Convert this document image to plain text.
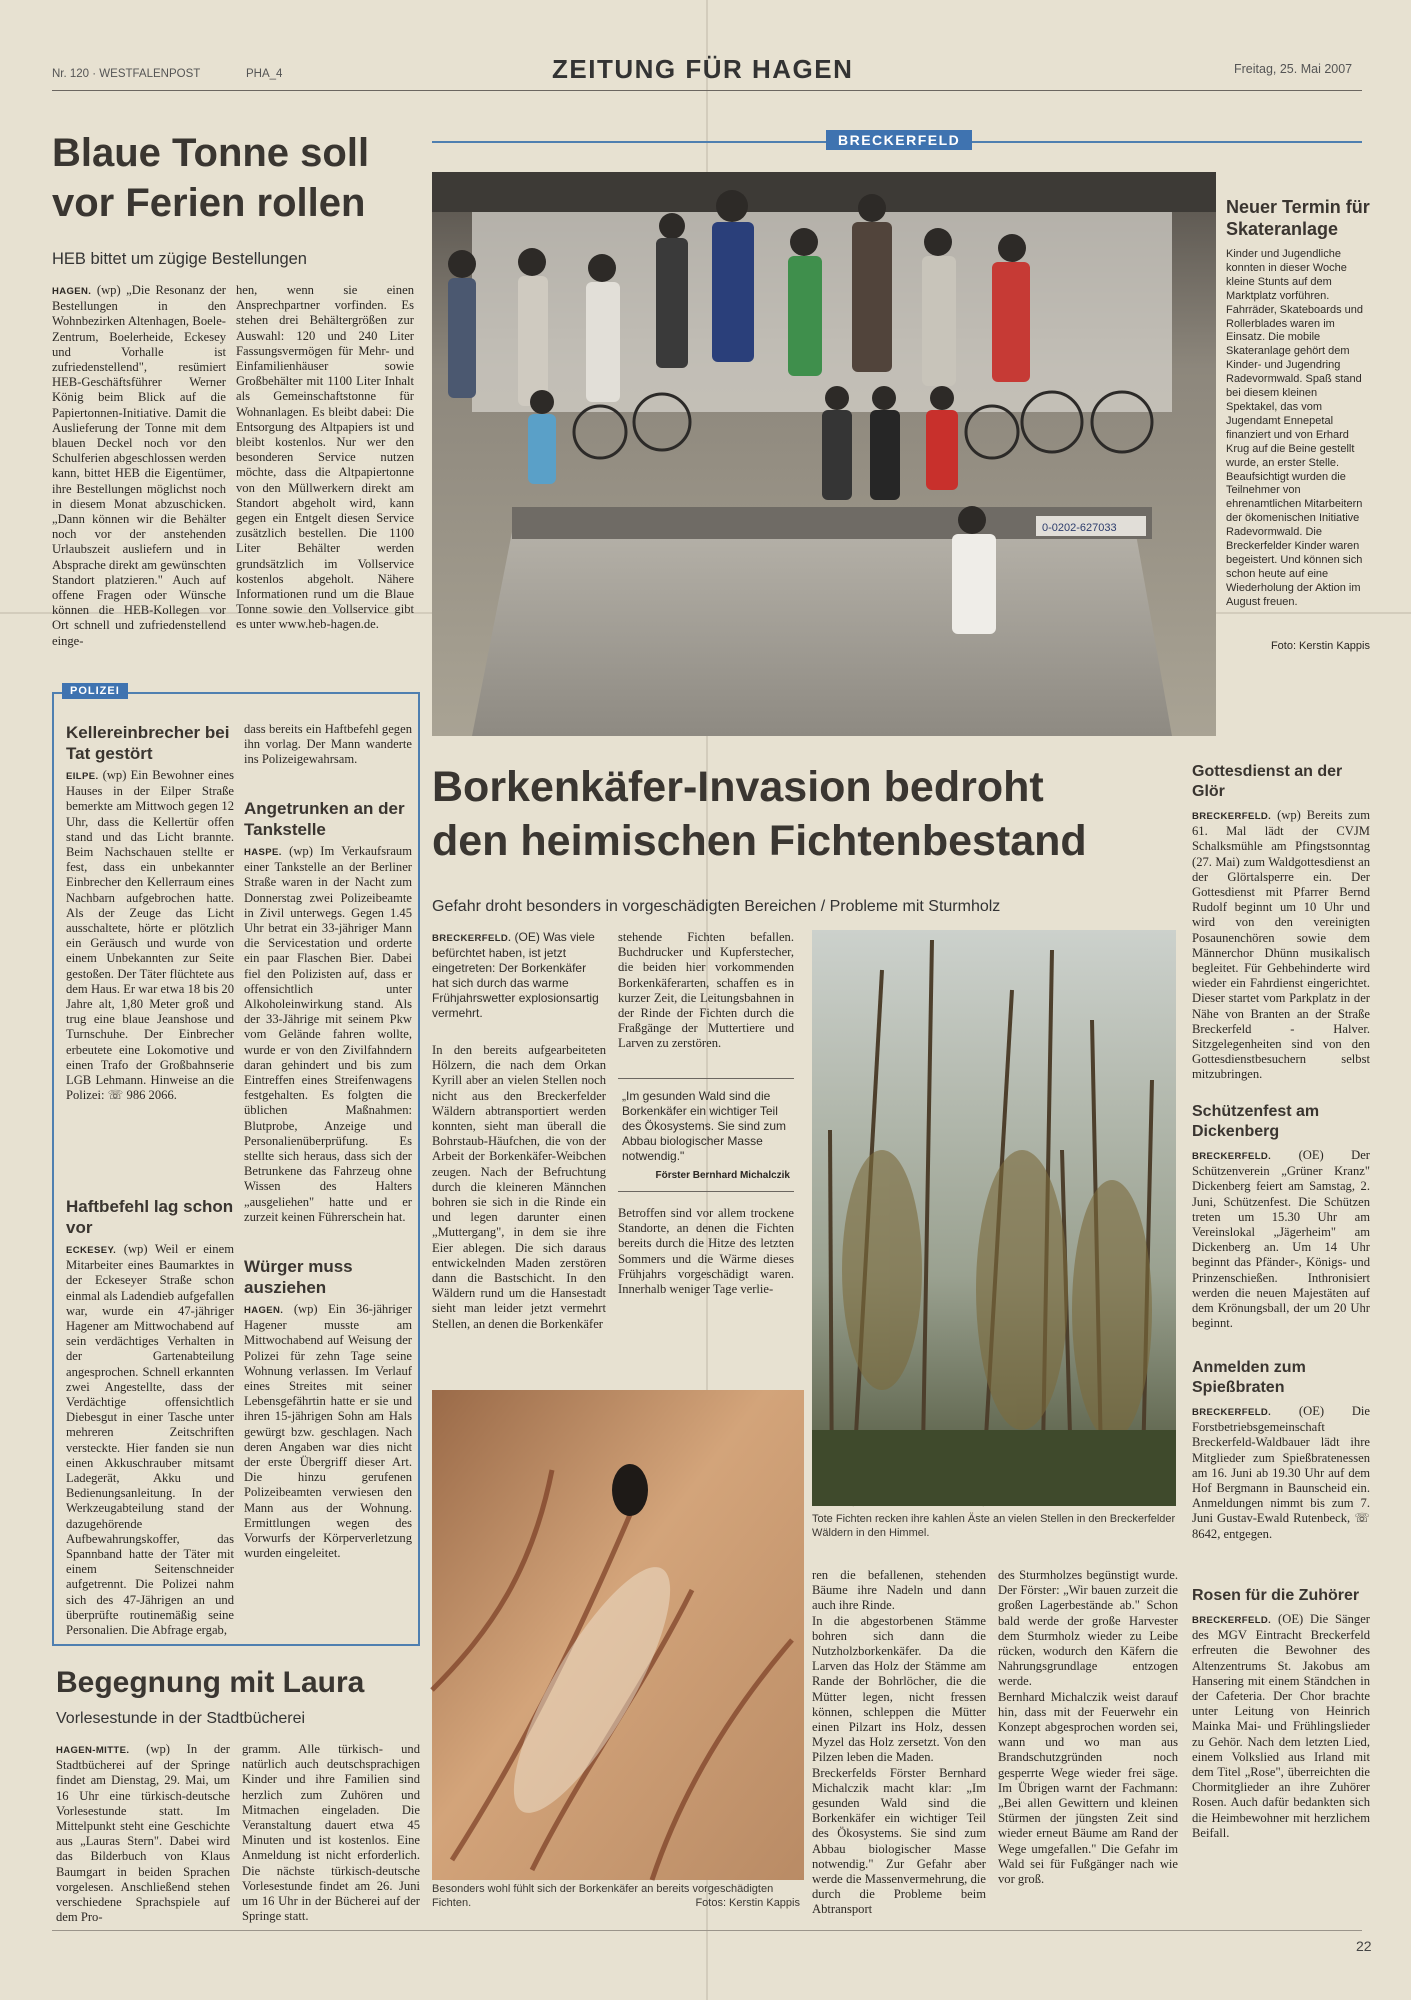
Nr. 120 · WESTFALENPOST	PHA_4	ZEITUNG FÜR HAGEN	Freitag, 25. Mai 2007
Blaue Tonne soll
vor Ferien rollen
HEB bittet um zügige Bestellungen

HAGEN. (wp) „Die Resonanz der Bestellungen in den Wohnbezirken Altenhagen, Boele-Zentrum, Boelerheide, Eckesey und Vorhalle ist zufriedenstellend", resümiert HEB-Geschäftsführer Werner König beim Blick auf die Papiertonnen-Initiative. Damit die Auslieferung der Tonne mit dem blauen Deckel noch vor den Schulferien abgeschlossen werden kann, bittet HEB die Eigentümer, ihre Bestellungen möglichst noch in diesem Monat abzuschicken. „Dann können wir die Behälter noch vor der anstehenden Urlaubszeit ausliefern und in Absprache direkt am gewünschten Standort platzieren." Auch auf offene Fragen oder Wünsche können die HEB-Kollegen vor Ort schnell und zufriedenstellend einge-

hen, wenn sie einen Ansprechpartner vorfinden. Es stehen drei Behältergrößen zur Auswahl: 120 und 240 Liter Fassungsvermögen für Mehr- und Einfamilienhäuser sowie Großbehälter mit 1100 Liter Inhalt als Gemeinschaftstonne für Wohnanlagen. Es bleibt dabei: Die Entsorgung des Altpapiers ist und bleibt kostenlos. Nur wer den besonderen Service nutzen möchte, dass die Altpapiertonne von den Müllwerkern direkt am Standort abgeholt wird, kann gegen ein Entgelt diesen Service zusätzlich bestellen. Die 1100 Liter Behälter werden grundsätzlich im Vollservice kostenlos abgeholt. Nähere Informationen rund um die Blaue Tonne sowie den Vollservice gibt es unter www.heb-hagen.de.

POLIZEI
Kellereinbrecher bei Tat gestört

EILPE. (wp) Ein Bewohner eines Hauses in der Eilper Straße bemerkte am Mittwoch gegen 12 Uhr, dass die Kellertür offen stand und das Licht brannte. Beim Nachschauen stellte er fest, dass ein unbekannter Einbrecher den Kellerraum eines Nachbarn aufgebrochen hatte. Als der Zeuge das Licht ausschaltete, hörte er plötzlich ein Geräusch und wurde von einem Unbekannten zur Seite gestoßen. Der Täter flüchtete aus dem Haus. Er war etwa 18 bis 20 Jahre alt, 1,80 Meter groß und trug eine blaue Jeanshose und Turnschuhe. Der Einbrecher erbeutete eine Lokomotive und einen Trafo der Großbahnserie LGB Lehmann. Hinweise an die Polizei: ☏ 986 2066.

Haftbefehl lag schon vor

ECKESEY. (wp) Weil er einem Mitarbeiter eines Baumarktes in der Eckeseyer Straße schon einmal als Ladendieb aufgefallen war, wurde ein 47-jähriger Hagener am Mittwochabend auf sein verdächtiges Verhalten in der Gartenabteilung angesprochen. Schnell erkannten zwei Angestellte, dass der Verdächtige offensichtlich Diebesgut in einer Tasche unter mehreren Zeitschriften versteckte. Hier fanden sie nun einen Akkuschrauber mitsamt Ladegerät, Akku und Bedienungsanleitung. In der Werkzeugabteilung stand der dazugehörende Aufbewahrungskoffer, das Spannband hatte der Täter mit einem Seitenschneider aufgetrennt. Die Polizei nahm sich des 47-Jährigen an und überprüfte routinemäßig seine Personalien. Die Abfrage ergab,

dass bereits ein Haftbefehl gegen ihn vorlag. Der Mann wanderte ins Polizeigewahrsam.

Angetrunken an der Tankstelle

HASPE. (wp) Im Verkaufsraum einer Tankstelle an der Berliner Straße waren in der Nacht zum Donnerstag zwei Polizeibeamte in Zivil unterwegs. Gegen 1.45 Uhr betrat ein 33-jähriger Mann die Servicestation und orderte ein paar Flaschen Bier. Dabei fiel den Polizisten auf, dass er offensichtlich unter Alkoholeinwirkung stand. Als der 33-Jährige mit seinem Pkw vom Gelände fahren wollte, wurde er von den Zivilfahndern daran gehindert und bis zum Eintreffen eines Streifenwagens festgehalten. Es folgten die üblichen Maßnahmen: Blutprobe, Anzeige und Personalienüberprüfung. Es stellte sich heraus, dass sich der Betrunkene das Fahrzeug ohne Wissen des Halters „ausgeliehen" hatte und er zurzeit keinen Führerschein hat.

Würger muss ausziehen

HAGEN. (wp) Ein 36-jähriger Hagener musste am Mittwochabend auf Weisung der Polizei für zehn Tage seine Wohnung verlassen. Im Verlauf eines Streites mit seiner Lebensgefährtin hatte er sie und ihren 15-jährigen Sohn am Hals gewürgt bzw. geschlagen. Nach deren Angaben war dies nicht der erste Übergriff dieser Art. Die hinzu gerufenen Polizeibeamten verwiesen den Mann aus der Wohnung. Ermittlungen wegen des Vorwurfs der Körperverletzung wurden eingeleitet.

Begegnung mit Laura
Vorlesestunde in der Stadtbücherei

HAGEN-MITTE. (wp) In der Stadtbücherei auf der Springe findet am Dienstag, 29. Mai, um 16 Uhr eine türkisch-deutsche Vorlesestunde statt. Im Mittelpunkt steht eine Geschichte aus „Lauras Stern". Dabei wird das Bilderbuch von Klaus Baumgart in beiden Sprachen vorgelesen. Anschließend stehen verschiedene Sprachspiele auf dem Pro-

gramm. Alle türkisch- und natürlich auch deutschsprachigen Kinder und ihre Familien sind herzlich zum Zuhören und Mitmachen eingeladen. Die Veranstaltung dauert etwa 45 Minuten und ist kostenlos. Eine Anmeldung ist nicht erforderlich. Die nächste türkisch-deutsche Vorlesestunde findet am 26. Juni um 16 Uhr in der Bücherei auf der Springe statt.

BRECKERFELD
0-0202-627033
Neuer Termin für Skateranlage

Kinder und Jugendliche konnten in dieser Woche kleine Stunts auf dem Marktplatz vorführen. Fahrräder, Skateboards und Rollerblades waren im Einsatz. Die mobile Skateranlage gehört dem Kinder- und Jugendring Radevormwald. Spaß stand bei diesem kleinen Spektakel, das vom Jugendamt Ennepetal finanziert und von Erhard Krug auf die Beine gestellt wurde, an erster Stelle. Beaufsichtigt wurden die Teilnehmer von ehrenamtlichen Mitarbeitern der ökomenischen Initiative Radevormwald. Die Breckerfelder Kinder waren begeistert. Und können sich schon heute auf eine Wiederholung der Aktion im August freuen.

Foto: Kerstin Kappis
Borkenkäfer-Invasion bedroht
den heimischen Fichtenbestand
Gefahr droht besonders in vorgeschädigten Bereichen / Probleme mit Sturmholz

BRECKERFELD. (OE) Was viele befürchtet haben, ist jetzt eingetreten: Der Borkenkäfer hat sich durch das warme Frühjahrswetter explosionsartig vermehrt.

In den bereits aufgearbeiteten Hölzern, die nach dem Orkan Kyrill aber an vielen Stellen noch nicht aus den Breckerfelder Wäldern abtransportiert werden konnten, sieht man überall die Bohrstaub-Häufchen, die von der Arbeit der Borkenkäfer-Weibchen zeugen. Nach der Befruchtung durch die kleineren Männchen bohren sie sich in die Rinde ein und legen darunter einen „Muttergang", in dem sie ihre Eier ablegen. Die sich daraus entwickelnden Maden zerstören dann die Bastschicht. In den Wäldern rund um die Hansestadt sieht man leider jetzt vermehrt Stellen, an denen die Borkenkäfer

stehende Fichten befallen. Buchdrucker und Kupferstecher, die beiden hier vorkommenden Borkenkäferarten, schaffen es in kurzer Zeit, die Leitungsbahnen in der Rinde der Fichten durch die Fraßgänge der Muttertiere und Larven zu zerstören.

„Im gesunden Wald sind die Borkenkäfer ein wichtiger Teil des Ökosystems. Sie sind zum Abbau biologischer Masse notwendig."

Förster Bernhard Michalczik

Betroffen sind vor allem trockene Standorte, an denen die Fichten bereits durch die Hitze des letzten Sommers und die Wärme dieses Frühjahrs vorgeschädigt waren. Innerhalb weniger Tage verlie-

Tote Fichten recken ihre kahlen Äste an vielen Stellen in den Breckerfelder Wäldern in den Himmel.
Besonders wohl fühlt sich der Borkenkäfer an bereits vorgeschädigten Fichten.	Fotos: Kerstin Kappis

ren die befallenen, stehenden Bäume ihre Nadeln und dann auch ihre Rinde.
In die abgestorbenen Stämme bohren sich dann die Nutzholzborkenkäfer. Da die Larven das Holz der Stämme am Rande der Bohrlöcher, die die Mütter legen, nicht fressen können, schleppen die Mütter einen Pilzart ins Holz, dessen Myzel das Holz zersetzt. Von den Pilzen leben die Maden.
Breckerfelds Förster Bernhard Michalczik macht klar: „Im gesunden Wald sind die Borkenkäfer ein wichtiger Teil des Ökosystems. Sie sind zum Abbau biologischer Masse notwendig." Zur Gefahr aber werde die Massenvermehrung, die durch die Probleme beim Abtransport

des Sturmholzes begünstigt wurde. Der Förster: „Wir bauen zurzeit die großen Lagerbestände ab." Schon bald werde der große Harvester dem Sturmholz wieder zu Leibe rücken, wodurch den Käfern die Nahrungsgrundlage entzogen werde.
Bernhard Michalczik weist darauf hin, dass mit der Feuerwehr ein Konzept abgesprochen worden sei, wann und wo man aus Brandschutzgründen noch gesperrte Wege wieder frei säge. Im Übrigen warnt der Fachmann: „Bei allen Gewittern und kleinen Stürmen der jüngsten Zeit sind wieder erneut Bäume am Rand der Wege umgefallen." Die Gefahr im Wald sei für Fußgänger nach wie vor groß.

Gottesdienst an der Glör

BRECKERFELD. (wp) Bereits zum 61. Mal lädt der CVJM Schalksmühle am Pfingstsonntag (27. Mai) zum Waldgottesdienst an der Glörtalsperre ein. Der Gottesdienst mit Pfarrer Bernd Rudolf beginnt um 10 Uhr und wird von den vereinigten Posaunenchören sowie dem Männerchor Dhünn musikalisch begleitet. Für Gehbehinderte wird wieder ein Fahrdienst eingerichtet. Dieser startet vom Parkplatz in der Nähe von Branten an der Straße Breckerfeld - Halver. Sitzgelegenheiten sind von den Gottesdienstbesuchern selbst mitzubringen.

Schützenfest am Dickenberg

BRECKERFELD. (OE) Der Schützenverein „Grüner Kranz" Dickenberg feiert am Samstag, 2. Juni, Schützenfest. Die Schützen treten um 15.30 Uhr am Vereinslokal „Jägerheim" am Dickenberg an. Um 14 Uhr beginnt das Pfänder-, Königs- und Prinzenschießen. Inthronisiert werden die neuen Majestäten auf dem Krönungsball, der um 20 Uhr beginnt.

Anmelden zum Spießbraten

BRECKERFELD. (OE) Die Forstbetriebsgemeinschaft Breckerfeld-Waldbauer lädt ihre Mitglieder zum Spießbratenessen am 16. Juni ab 19.30 Uhr auf dem Hof Bergmann in Baunscheid ein. Anmeldungen nimmt bis zum 7. Juni Gustav-Ewald Rutenbeck, ☏ 8642, entgegen.

Rosen für die Zuhörer

BRECKERFELD. (OE) Die Sänger des MGV Eintracht Breckerfeld erfreuten die Bewohner des Altenzentrums St. Jakobus am Hansering mit einem Ständchen in der Cafeteria. Der Chor brachte unter Leitung von Heinrich Mainka Mai- und Frühlingslieder zu Gehör. Nach dem letzten Lied, einem Volkslied aus Irland mit dem Titel „Rose", überreichten die Chormitglieder an ihre Zuhörer Rosen. Auch dafür bedankten sich die Heimbewohner mit herzlichem Beifall.

22
